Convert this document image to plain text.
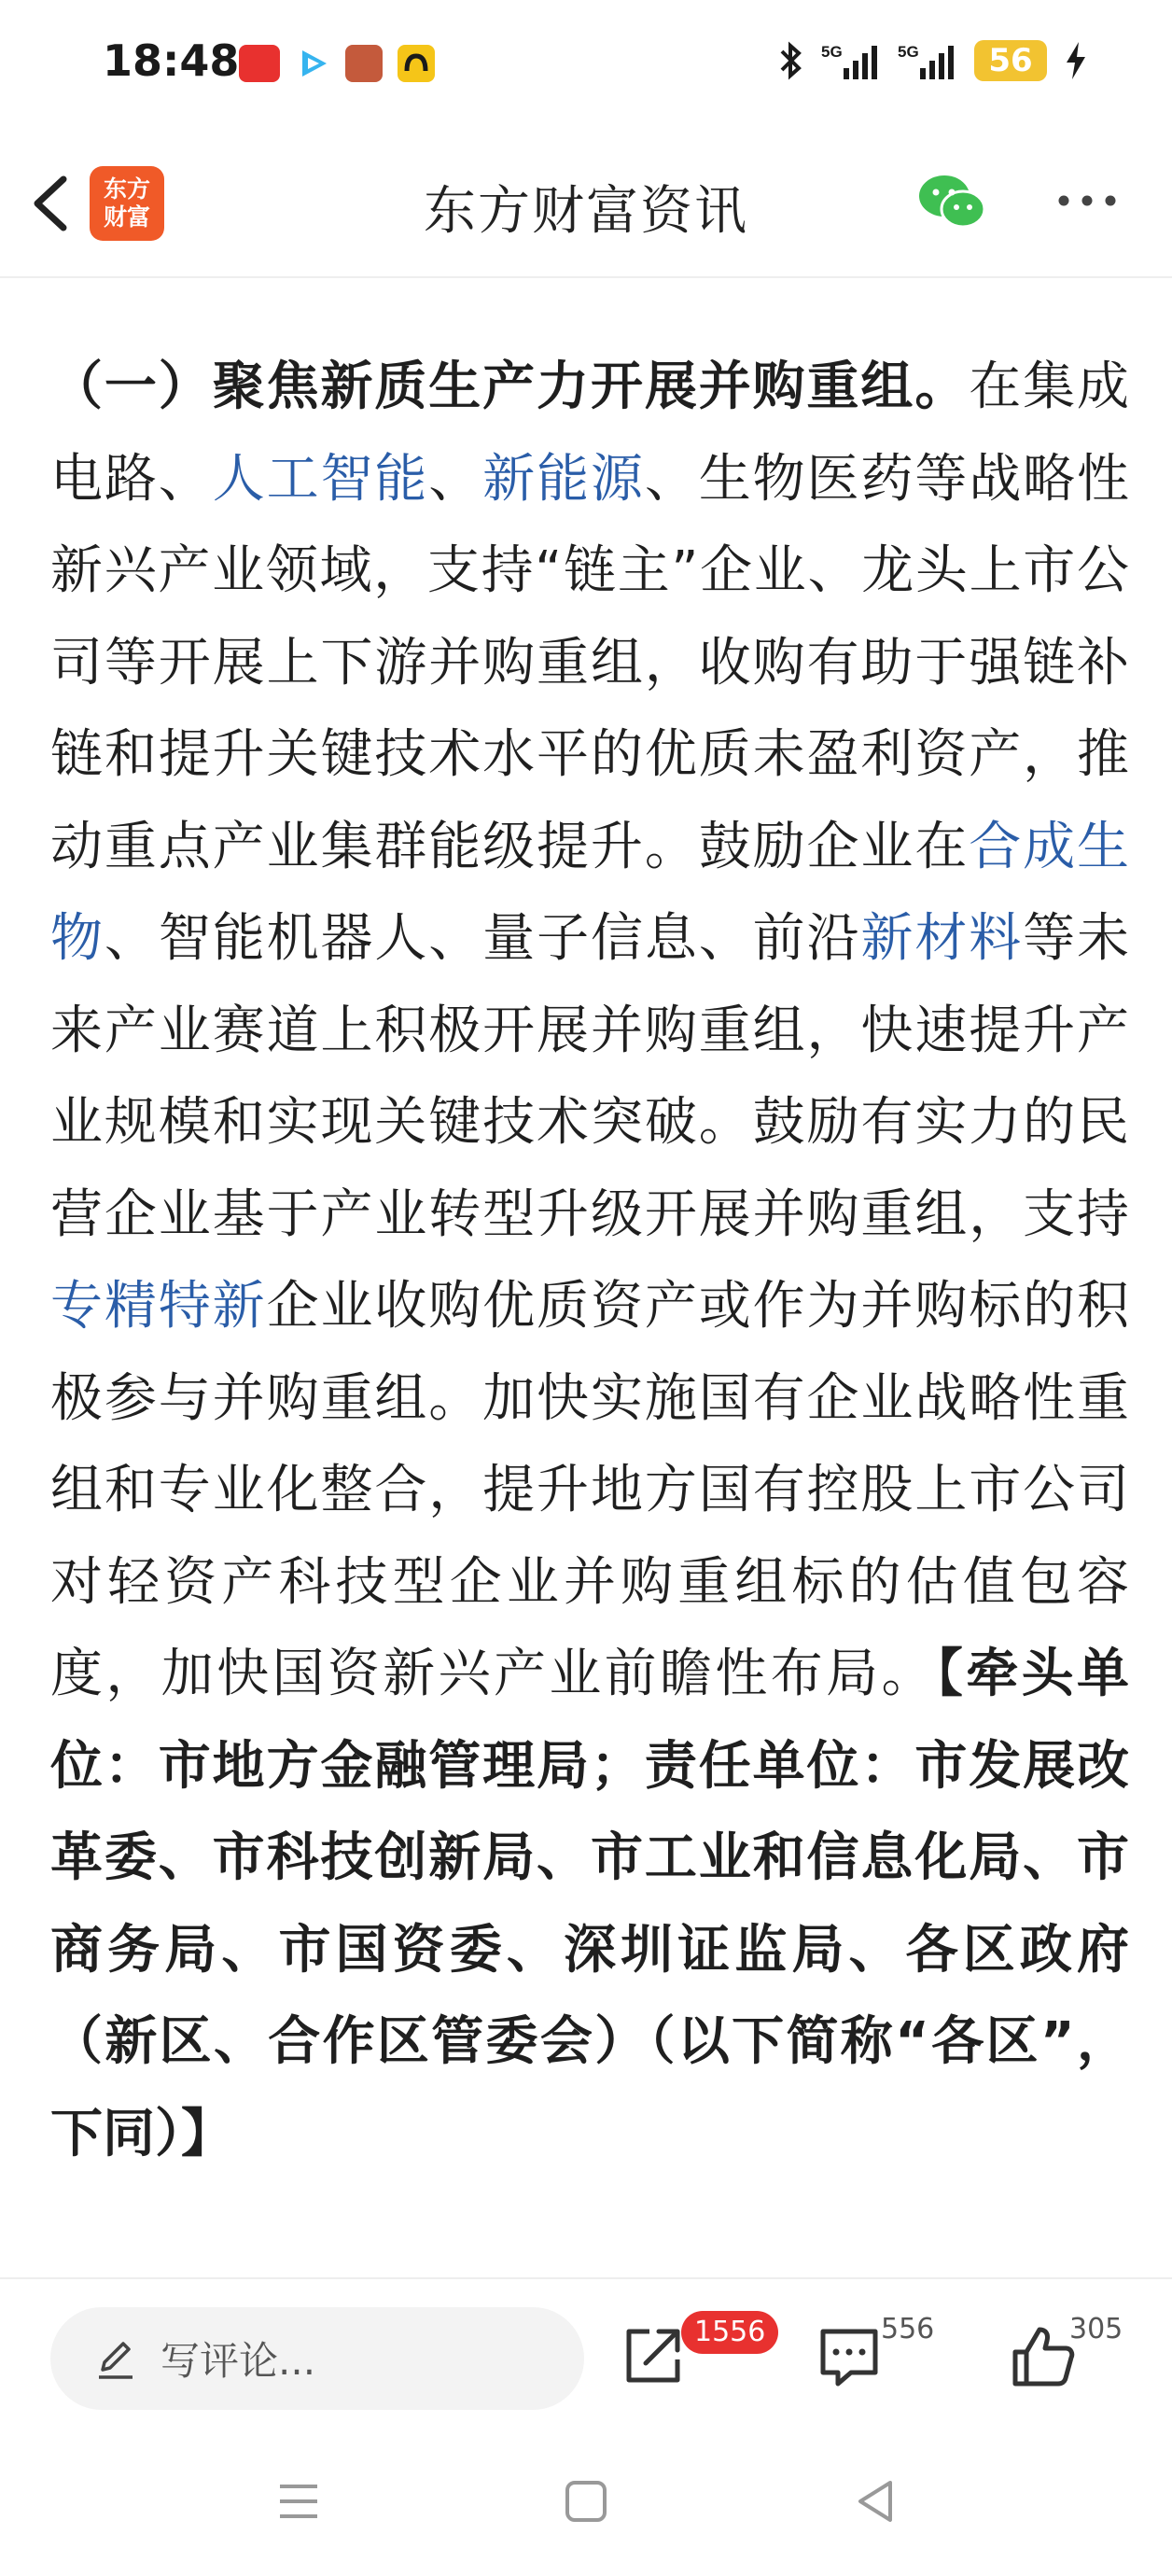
18:48	5G	5G	56
东方
财富	东方财富资讯

（一）聚焦新质生产力开展并购重组。在集成电路、人工智能、新能源、生物医药等战略性新兴产业领域，支持“链主”企业、龙头上市公司等开展上下游并购重组，收购有助于强链补链和提升关键技术水平的优质未盈利资产，推动重点产业集群能级提升。鼓励企业在合成生物、智能机器人、量子信息、前沿新材料等未来产业赛道上积极开展并购重组，快速提升产业规模和实现关键技术突破。鼓励有实力的民营企业基于产业转型升级开展并购重组，支持专精特新企业收购优质资产或作为并购标的积极参与并购重组。加快实施国有企业战略性重组和专业化整合，提升地方国有控股上市公司对轻资产科技型企业并购重组标的估值包容度，加快国资新兴产业前瞻性布局。【牵头单位：市地方金融管理局；责任单位：市发展改革委、市科技创新局、市工业和信息化局、市商务局、市国资委、深圳证监局、各区政府（新区、合作区管委会）（以下简称“各区”，下同）】

写评论...
1556	556	305
